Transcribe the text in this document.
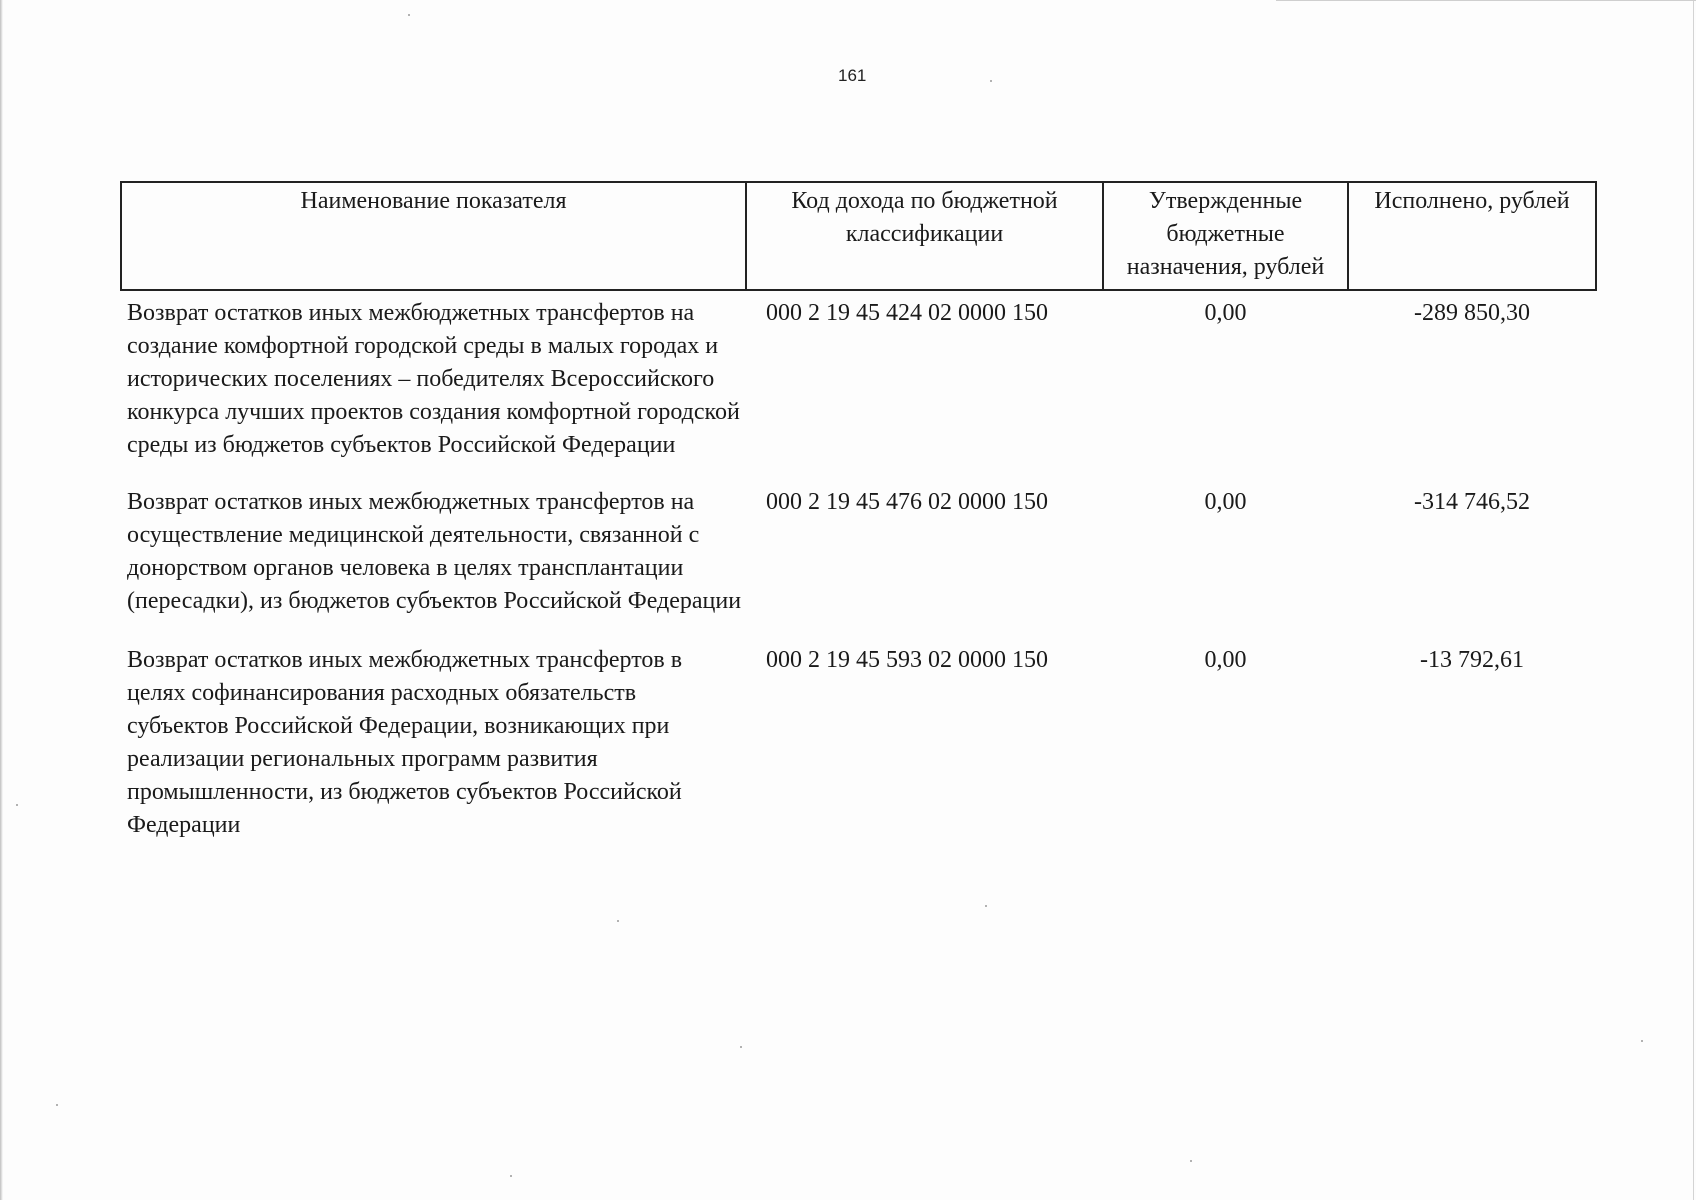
161
Наименование показателя	Код дохода по бюджетной классификации	Утвержденные бюджетные назначения, рублей	Исполнено, рублей
Возврат остатков иных межбюджетных трансфертов на создание комфортной городской среды в малых городах и исторических поселениях – победителях Всероссийского конкурса лучших проектов создания комфортной городской среды из бюджетов субъектов Российской Федерации	000 2 19 45 424 02 0000 150	0,00	-289 850,30
Возврат остатков иных межбюджетных трансфертов на осуществление медицинской деятельности, связанной с донорством органов человека в целях трансплантации (пересадки), из бюджетов субъектов Российской Федерации	000 2 19 45 476 02 0000 150	0,00	-314 746,52
Возврат остатков иных межбюджетных трансфертов в целях софинансирования расходных обязательств субъектов Российской Федерации, возникающих при реализации региональных программ развития промышленности, из бюджетов субъектов Российской Федерации	000 2 19 45 593 02 0000 150	0,00	-13 792,61
